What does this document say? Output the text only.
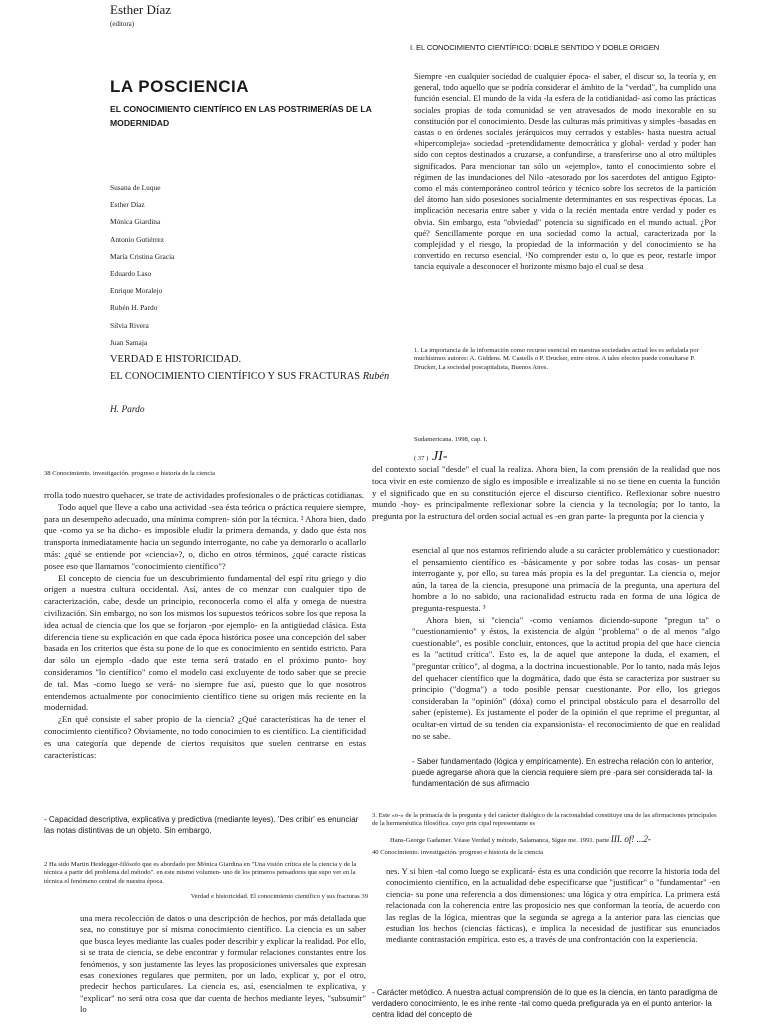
Esther Díaz
(editora)
I. EL CONOCIMIENTO CIENTÍFICO: DOBLE SENTIDO Y DOBLE ORIGEN
LA POSCIENCIA
EL CONOCIMIENTO CIENTÍFICO EN LAS POSTRIMERÍAS DE LA MODERNIDAD
Susana de Luque
Esther Díaz
Mónica Giardina
Antonio Gutiérrez
María Cristina Gracia
Eduardo Laso
Enrique Moralejo
Rubén H. Pardo
Silvia Rivera
Juan Samaja
VERDAD E HISTORICIDAD.
EL CONOCIMIENTO CIENTÍFICO Y SUS FRACTURAS Rubén
H. Pardo
Siempre -en cualquier sociedad de cualquier época- el saber, el discur so, la teoría y, en general, todo aquello que se podría considerar el ámbito de la "verdad", ha cumplido una función esencial. El mundo de la vida -la esfera de la cotidianidad- así como las prácticas sociales propias de toda comunidad se ven atravesados de modo inexorable en su constitución por el conocimiento. Desde las culturas más primitivas y simples -basadas en castas o en órdenes sociales jerárquicos muy cerrados y estables- hasta nuestra actual «hipercompleja» sociedad -pretendidamente democrática y global- verdad y poder han sido con ceptos destinados a cruzarse, a confundirse, a transferirse uno al otro múltiples significados. Para mencionar tan sólo un «ejemplo», tanto el conocimiento sobre el régimen de las inundaciones del Nilo -atesorado por los sacerdotes del antiguo Egipto- como el más contemporáneo control teórico y técnico sobre los secretos de la partición del átomo han sido posesiones socialmente determinantes en sus respectivas épocas. La implicación necesaria entre saber y vida o la recién mentada entre verdad y poder es obvia. Sin embargo, esta "obviedad" potencia su significado en el mundo actual. ¿Por qué? Sencillamente porque en una sociedad como la actual, caracterizada por la complejidad y el riesgo, la propiedad de la información y del conocimiento se ha convertido en recurso esencial. ¹No comprender esto o, lo que es peor, restarle impor tancia equivale a desconocer el horizonte mismo bajo el cual se desa
1. La importancia de la información como recurso esencial en nuestras sociedades actual les es señalada por muchísimos autores: A. Giddens. M. Castells o P. Drucker, entre otros. A tales efectos puede consultarse P. Drucker, La sociedad poscapitalista, Buenos Aires.
Sudamericana. 1998, cap. I.
( 37 ) JI-
38 Conocimiento. investigación. progreso e historia de la ciencia	del contexto social "desde" el cual la realiza. Ahora bien, la com prensión de la realidad que nos toca vivir en este comienzo de siglo es imposible e irrealizable si no se tiene en cuenta la función y el significado que en su constitución ejerce el discurso científico. Reflexionar sobre nuestro mundo -hoy- es principalmente reflexionar sobre la ciencia y la tecnología; por lo tanto, la pregunta por la estructura del orden social actual es -en gran parte- la pregunta por la ciencia y

rrolla todo nuestro quehacer, se trate de actividades profesionales o de prácticas cotidianas.

Todo aquel que lleve a cabo una actividad -sea ésta teórica o práctica requiere siempre, para un desempeño adecuado, una mínima compren- sión por la técnica. ² Ahora bien, dado que -como ya se ha dicho- es imposible eludir la primera demanda, y dado que ésta nos transporta inmediatamente hacia un segundo interrogante, no cabe ya demorarlo o acallarlo más: ¿qué se entiende por «ciencia»?, o, dicho en otros términos, ¿qué caracte rísticas posee eso que llamamos "conocimiento científico"?

El concepto de ciencia fue un descubrimiento fundamental del espí ritu griego y dio origen a nuestra cultura occidental. Así, antes de co menzar con cualquier tipo de caracterización, cabe, desde un principio, reconocerla como el alfa y omega de nuestra civilización. Sin embargo, no son los mismos los supuestos teóricos sobre los que reposa la idea actual de ciencia que los que se forjaron -por ejemplo- en la antigüedad clásica. Esta diferencia tiene su explicación en que cada época histórica posee una concepción del saber basada en los criterios que ésta su pone de lo que es conocimiento en sentido estricto. Para dar sólo un ejemplo -dado que este tema será tratado en el próximo punto- hoy consideramos "lo científico" como el modelo casi excluyente de todo saber que se precie de tal. Mas -como luego se verá- no siempre fue así, puesto que lo que nosotros entendemos actualmente por conocimiento científico tiene su origen más reciente en la modernidad.

¿En qué consiste el saber propio de la ciencia? ¿Qué características ha de tener el conocimiento científico? Obviamente, no todo conocimien to es científico. La cientificidad es una categoría que depende de ciertos requisitos que suelen centrarse en estas características:

- Capacidad descriptiva, explicativa y predictiva (mediante leyes). 'Des cribir' es enunciar las notas distintivas de un objeto. Sin embargo,

esencial al que nos estamos refiriendo alude a su carácter problemático y cuestionador: el pensamiento científico es -básicamente y por sobre todas las cosas- un pensar interrogante y, por ello, su tarea más propia es la del preguntar. La ciencia o, mejor aún, la tarea de la ciencia, presupone una primacía de la pregunta, una apertura del hombre a lo no sabido, una racionalidad estructu rada en forma de una lógica de pregunta-respuesta. ³

Ahora bien, si "ciencia" -como veníamos diciendo-supone "pregun ta" o "cuestionamiento" y éstos, la existencia de algún "problema" o de al menos "algo cuestionable", es posible concluir, entonces, que la actitud propia del que hace ciencia es la "actitud crítica". Esto es, la de aquel que antepone la duda, el examen, el "preguntar crítico", al dogma, a la doctrina incuestionable. Por lo tanto, nada más lejos del quehacer científico que la dogmática, dado que ésta se caracteriza por sustraer su principio ("dogma") a todo posible pensar cuestionante. Por ello, los griegos consideraban la "opinión" (dóxa) como el principal obstáculo para el desarrollo del saber (epísteme). Es justamente el poder de la opinión el que reprime el preguntar, al ocultar-en virtud de su tenden cia expansionista- el reconocimiento de que en realidad no se sabe.

- Saber fundamentado (lógica y empíricamente). En estrecha relación con lo anterior, puede agregarse ahora que la ciencia requiere siem pre -para ser considerada tal- la fundamentación de sus afirmacio
2 Ha sido Martin Heidegger-filósofo que es abordado por Mónica Giardina en "Una visión crítica ele la ciencia y de la técnica a partir del problema del método". en este mismo volumen- uno de los primeros pensadores que supo ver en la técnica el fenómeno central de nuestra época.
Verdad e historicidad. El conocimiento científico y sus fracturas 39
3. Este «o-» de la primacía de la pregunta y del carácter dialógico de la racionalidad constituye una de las afirmaciones principales de la hermenéutica filosófica. cuyo prin cipal representante es
Hans-George Gadamer. Véase Verdad y método, Salamanca, Sígue me. 1991. parte III. of! ...2-
40 Conocimiento. investigación. progreso e historia de la ciencia
una mera recolección de datos o una descripción de hechos, por más detallada que sea, no constituye por sí misma conocimiento científico. La ciencia es un saber que busca leyes mediante las cuales poder describir y explicar la realidad. Por ello, si se trata de ciencia, se debe encontrar y formular relaciones constantes entre los fenómenos, y son justamente las leyes las proposiciones universales que expresan esas conexiones regulares que permiten, por un lado, explicar y, por el otro, predecir hechos particulares. La ciencia es, así, esencialmen te explicativa, y "explicar" no será otra cosa que dar cuenta de hechos mediante leyes, "subsumir" lo
nes. Y si bien -tal como luego se explicará- ésta es una condición que recorre la historia toda del conocimiento científico, en la actualidad debe especificarse que "justificar" o "fundamentar" -en ciencia- su pone una referencia a dos dimensiones: una lógica y otra empírica. La primera está relacionada con la coherencia entre las proposicio nes que conforman la teoría, de acuerdo con las reglas de la lógica, mientras que la segunda se agrega a la anterior para las ciencias que estudian los hechos (ciencias fácticas), e implica la necesidad de justificar sus enunciados mediante contrastación empírica. esto es, a través de una confrontación con la experiencia.
- Carácter metódico. A nuestra actual comprensión de lo que es la ciencia, en tanto paradigma de verdadero conocimiento, le es inhe rente -tal como queda prefigurada ya en el punto anterior- la centra lidad del concepto de
